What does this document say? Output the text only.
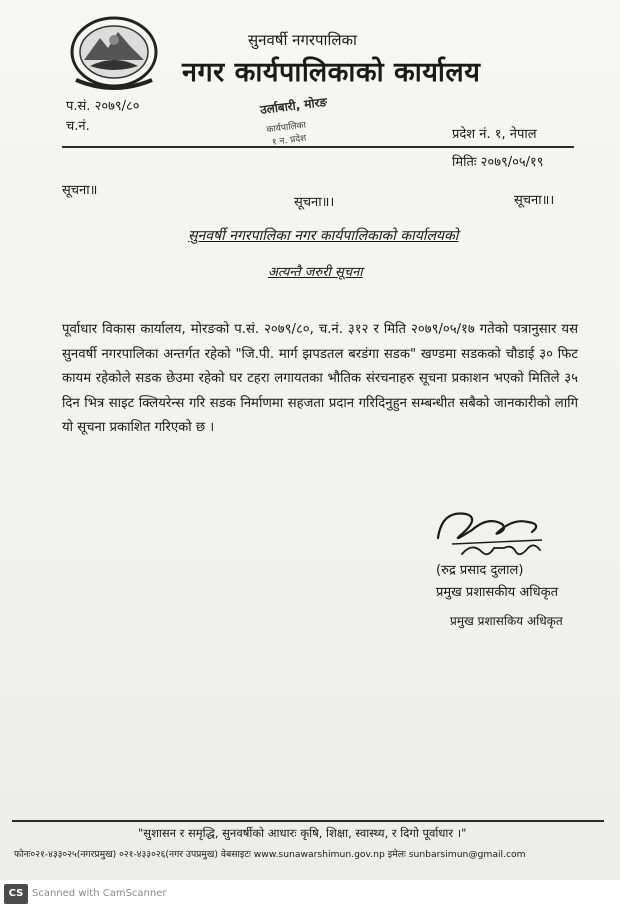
सुनवर्षी नगरपालिका
नगर कार्यपालिकाको कार्यालय
प.सं. २०७९/८०
च.नं.
उर्लाबारी, मोरङ
कार्यपालिका
१ न. प्रदेश	प्रदेश नं. १, नेपाल
मितिः २०७९/०५/१९
सूचना॥
सूचना॥।	सूचना॥।
सुनवर्षी नगरपालिका नगर कार्यपालिकाको कार्यालयको
अत्यन्तै जरुरी सूचना
पूर्वाधार विकास कार्यालय, मोरङको प.सं. २०७९/८०, च.नं. ३१२ र मिति २०७९/०५/१७ गतेको पत्रानुसार यस सुनवर्षी नगरपालिका अन्तर्गत रहेको "जि.पी. मार्ग झपडतल बरडंगा सडक" खण्डमा सडकको चौडाई ३० फिट कायम रहेकोले सडक छेउमा रहेको घर टहरा लगायतका भौतिक संरचनाहरु सूचना प्रकाशन भएको मितिले ३५ दिन भित्र साइट क्लियरेन्स गरि सडक निर्माणमा सहजता प्रदान गरिदिनुहुन सम्बन्धीत सबैको जानकारीको लागि यो सूचना प्रकाशित गरिएको छ ।
(रुद्र प्रसाद दुलाल)
प्रमुख प्रशासकीय अधिकृत
प्रमुख प्रशासकिय अधिकृत
"सुशासन र समृद्धि, सुनवर्षीको आधारः कृषि, शिक्षा, स्वास्थ्य, र दिगो पूर्वाधार ।"
फोनः०२१-४३३०२५(नगरप्रमुख) ०२१-४३३०२६(नगर उपप्रमुख) वेबसाइटः www.sunawarshimun.gov.np इमेलः sunbarsimun@gmail.com
CS Scanned with CamScanner
